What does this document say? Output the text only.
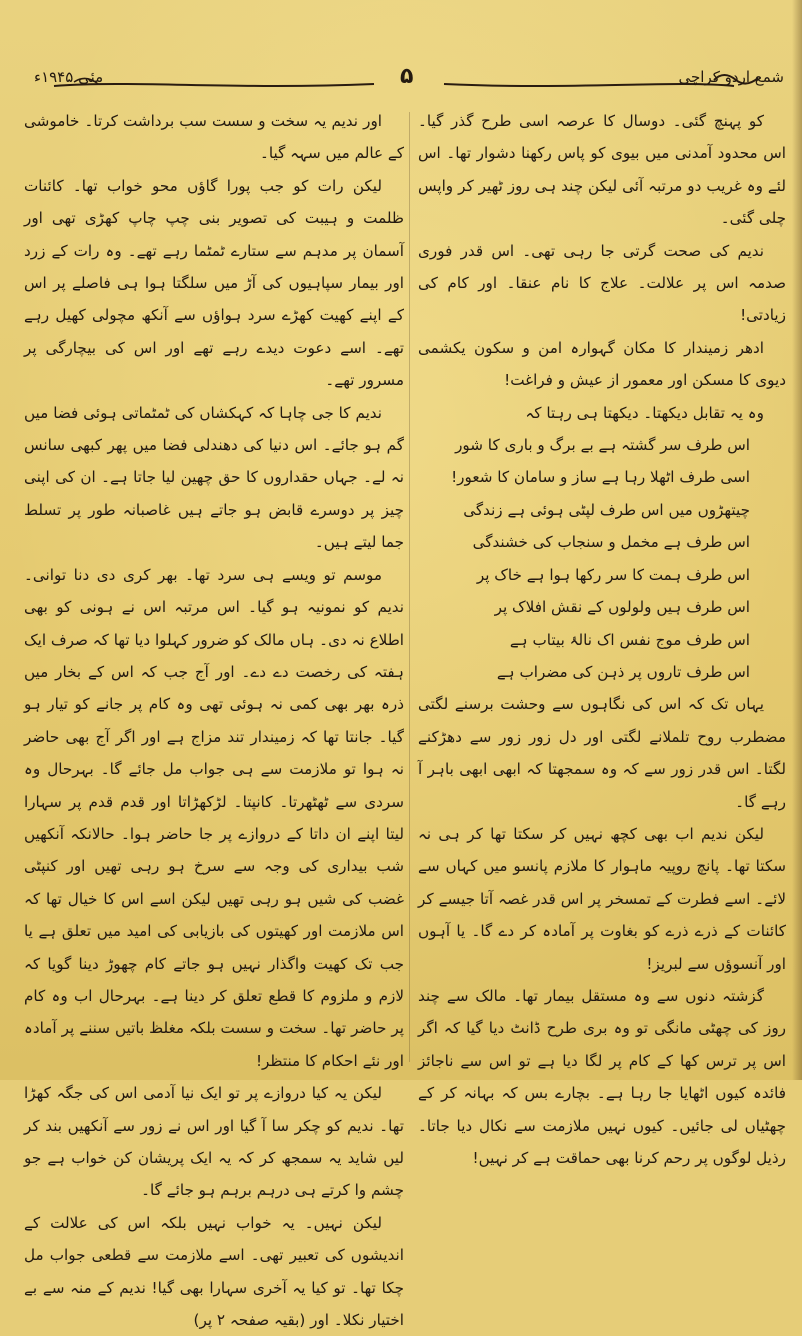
شمع اردو کراچی
۵
مئی ۱۹۴۵ء

کو پہنچ گئی۔ دوسال کا عرصہ اسی طرح گذر گیا۔ اس محدود آمدنی میں بیوی کو پاس رکھنا دشوار تھا۔ اس لئے وہ غریب دو مرتبہ آئی لیکن چند ہی روز ٹھیر کر واپس چلی گئی۔

ندیم کی صحت گرتی جا رہی تھی۔ اس قدر فوری صدمہ اس پر علالت۔ علاج کا نام عنقا۔ اور کام کی زیادتی!

ادھر زمیندار کا مکان گہوارہ امن و سکون یکشمی دیوی کا مسکن اور معمور از عیش و فراغت!

وہ یہ تقابل دیکھتا۔ دیکھتا ہی رہتا کہ

اس طرف سر گشتہ ہے بے برگ و باری کا شور

اسی طرف اٹھلا رہا ہے ساز و سامان کا شعور!

چیتھڑوں میں اس طرف لپٹی ہوئی ہے زندگی

اس طرف ہے مخمل و سنجاب کی خشندگی

اس طرف ہمت کا سر رکھا ہوا ہے خاک پر

اس طرف ہیں ولولوں کے نقش افلاک پر

اس طرف موج نفس اک نالۂ بیتاب ہے

اس طرف تاروں پر ذہن کی مضراب ہے

یہاں تک کہ اس کی نگاہوں سے وحشت برسنے لگتی مضطرب روح تلملانے لگتی اور دل زور زور سے دھڑکنے لگتا۔ اس قدر زور سے کہ وہ سمجھتا کہ ابھی ابھی باہر آ رہے گا۔

لیکن ندیم اب بھی کچھ نہیں کر سکتا تھا کر ہی نہ سکتا تھا۔ پانچ روپیہ ماہوار کا ملازم پانسو میں کہاں سے لائے۔ اسے فطرت کے تمسخر پر اس قدر غصہ آتا جیسے کر کائنات کے ذرے ذرے کو بغاوت پر آمادہ کر دے گا۔ یا آہوں اور آنسوؤں سے لبریز!

گزشتہ دنوں سے وہ مستقل بیمار تھا۔ مالک سے چند روز کی چھٹی مانگی تو وہ بری طرح ڈانٹ دیا گیا کہ اگر اس پر ترس کھا کے کام پر لگا دیا ہے تو اس سے ناجائز فائدہ کیوں اٹھایا جا رہا ہے۔ بچارے بس کہ بہانہ کر کے چھٹیاں لی جائیں۔ کیوں نہیں ملازمت سے نکال دیا جاتا۔ رذیل لوگوں پر رحم کرنا بھی حماقت ہے کر نہیں!

اور ندیم یہ سخت و سست سب برداشت کرتا۔ خاموشی کے عالم میں سہہ گیا۔

لیکن رات کو جب پورا گاؤں محو خواب تھا۔ کائنات ظلمت و ہیبت کی تصویر بنی چپ چاپ کھڑی تھی اور آسمان پر مدہم سے ستارے ٹمٹما رہے تھے۔ وہ رات کے زرد اور بیمار سپاہیوں کی آڑ میں سلگتا ہوا ہی فاصلے پر اس کے اپنے کھیت کھڑے سرد ہواؤں سے آنکھ مچولی کھیل رہے تھے۔ اسے دعوت دیدے رہے تھے اور اس کی بیچارگی پر مسرور تھے۔

ندیم کا جی چاہا کہ کہکشاں کی ٹمٹماتی ہوئی فضا میں گم ہو جائے۔ اس دنیا کی دھندلی فضا میں پھر کبھی سانس نہ لے۔ جہاں حقداروں کا حق چھین لیا جاتا ہے۔ ان کی اپنی چیز پر دوسرے قابض ہو جاتے ہیں غاصبانہ طور پر تسلط جما لیتے ہیں۔

موسم تو ویسے ہی سرد تھا۔ بھر کری دی دنا توانی۔ ندیم کو نمونیہ ہو گیا۔ اس مرتبہ اس نے ہونی کو بھی اطلاع نہ دی۔ ہاں مالک کو ضرور کہلوا دیا تھا کہ صرف ایک ہفتہ کی رخصت دے دے۔ اور آج جب کہ اس کے بخار میں ذرہ بھر بھی کمی نہ ہوئی تھی وہ کام پر جانے کو تیار ہو گیا۔ جانتا تھا کہ زمیندار تند مزاج ہے اور اگر آج بھی حاضر نہ ہوا تو ملازمت سے ہی جواب مل جائے گا۔ بہرحال وہ سردی سے ٹھٹھرتا۔ کانپتا۔ لڑکھڑاتا اور قدم قدم پر سہارا لیتا اپنے ان داتا کے دروازے پر جا حاضر ہوا۔ حالانکہ آنکھیں شب بیداری کی وجہ سے سرخ ہو رہی تھیں اور کنپٹی غضب کی شیں ہو رہی تھیں لیکن اسے اس کا خیال تھا کہ اس ملازمت اور کھیتوں کی بازیابی کی امید میں تعلق ہے یا جب تک کھیت واگذار نہیں ہو جاتے کام چھوڑ دینا گویا کہ لازم و ملزوم کا قطع تعلق کر دینا ہے۔ بہرحال اب وہ کام پر حاضر تھا۔ سخت و سست بلکہ مغلظ باتیں سننے پر آمادہ اور نئے احکام کا منتظر!

لیکن یہ کیا دروازے پر تو ایک نیا آدمی اس کی جگہ کھڑا تھا۔ ندیم کو چکر سا آ گیا اور اس نے زور سے آنکھیں بند کر لیں شاید یہ سمجھ کر کہ یہ ایک پریشان کن خواب ہے جو چشم وا کرتے ہی درہم برہم ہو جائے گا۔

لیکن نہیں۔ یہ خواب نہیں بلکہ اس کی علالت کے اندیشوں کی تعبیر تھی۔ اسے ملازمت سے قطعی جواب مل چکا تھا۔ تو کیا یہ آخری سہارا بھی گیا! ندیم کے منہ سے بے اختیار نکلا۔ اور (بقیہ صفحہ ۲ پر)
